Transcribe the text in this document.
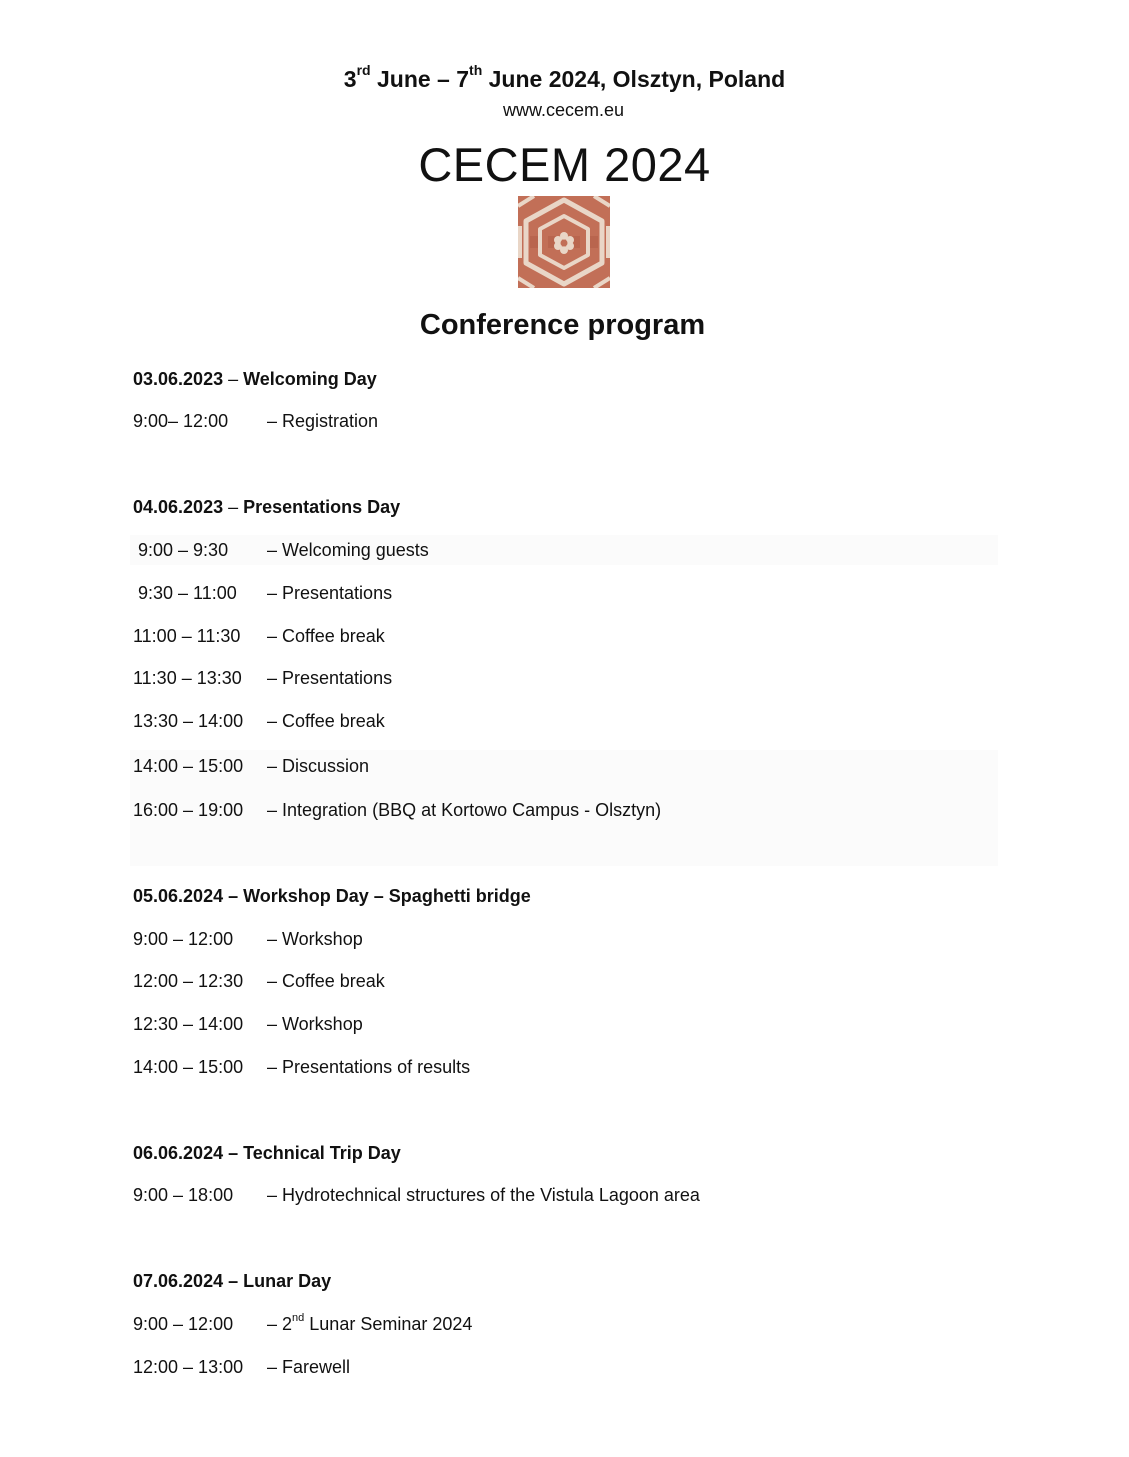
3rd June – 7th June 2024, Olsztyn, Poland
www.cecem.eu
CECEM 2024
Conference program
03.06.2023 – Welcoming Day
9:00– 12:00 – Registration
04.06.2023 – Presentations Day
9:00 – 9:30 – Welcoming guests
9:30 – 11:00 – Presentations
11:00 – 11:30 – Coffee break
11:30 – 13:30 – Presentations
13:30 – 14:00 – Coffee break
14:00 – 15:00 – Discussion
16:00 – 19:00 – Integration (BBQ at Kortowo Campus - Olsztyn)
05.06.2024 – Workshop Day – Spaghetti bridge
9:00 – 12:00 – Workshop
12:00 – 12:30 – Coffee break
12:30 – 14:00 – Workshop
14:00 – 15:00 – Presentations of results
06.06.2024 – Technical Trip Day
9:00 – 18:00 – Hydrotechnical structures of the Vistula Lagoon area
07.06.2024 – Lunar Day
9:00 – 12:00 – 2nd Lunar Seminar 2024
12:00 – 13:00 – Farewell
